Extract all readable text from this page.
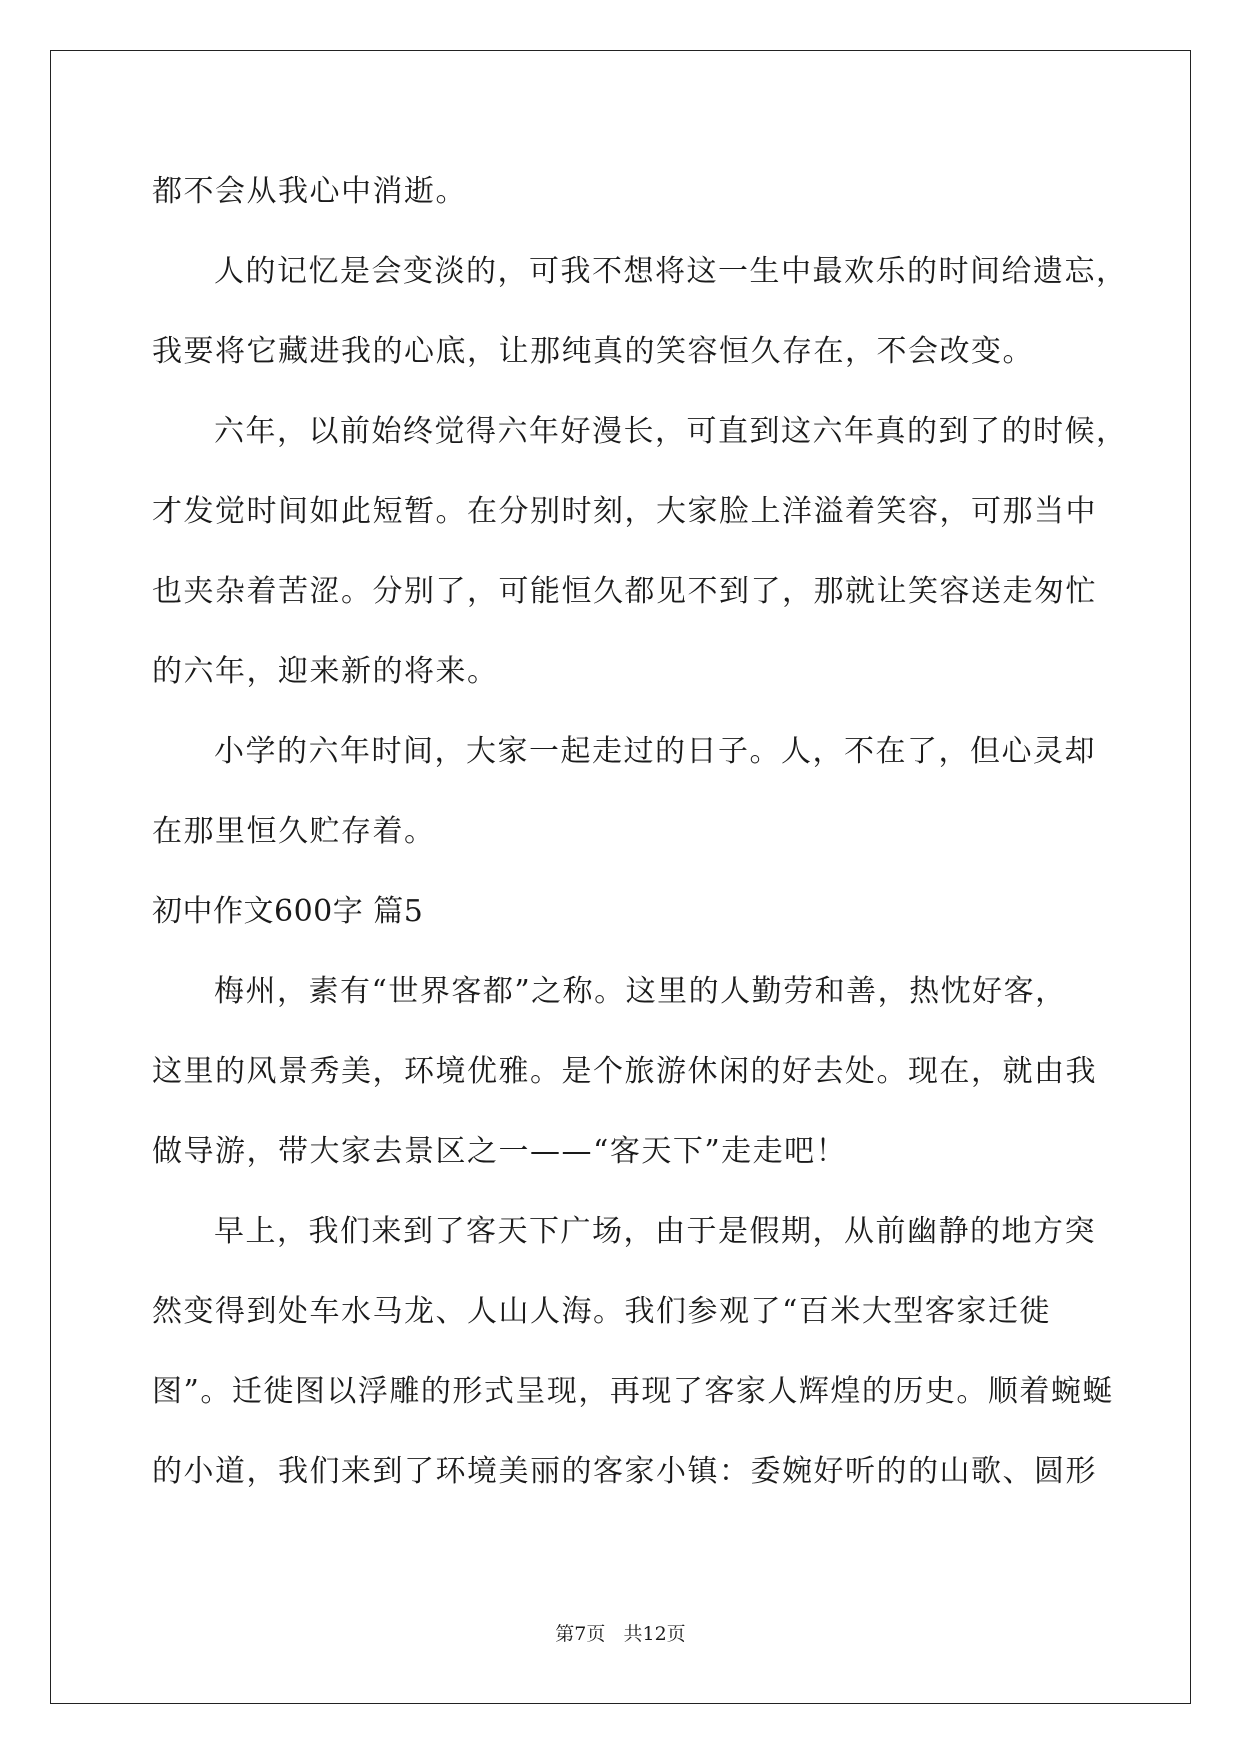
都不会从我心中消逝。
人的记忆是会变淡的，可我不想将这一生中最欢乐的时间给遗忘，
我要将它藏进我的心底，让那纯真的笑容恒久存在，不会改变。
六年，以前始终觉得六年好漫长，可直到这六年真的到了的时候，
才发觉时间如此短暂。在分别时刻，大家脸上洋溢着笑容，可那当中
也夹杂着苦涩。分别了，可能恒久都见不到了，那就让笑容送走匆忙
的六年，迎来新的将来。
小学的六年时间，大家一起走过的日子。人，不在了，但心灵却
在那里恒久贮存着。
初中作文600字 篇5
梅州，素有“世界客都”之称。这里的人勤劳和善，热忱好客，
这里的风景秀美，环境优雅。是个旅游休闲的好去处。现在，就由我
做导游，带大家去景区之一——“客天下”走走吧！
早上，我们来到了客天下广场，由于是假期，从前幽静的地方突
然变得到处车水马龙、人山人海。我们参观了“百米大型客家迁徙
图”。迁徙图以浮雕的形式呈现，再现了客家人辉煌的历史。顺着蜿蜒
的小道，我们来到了环境美丽的客家小镇：委婉好听的的山歌、圆形
第7页   共12页
